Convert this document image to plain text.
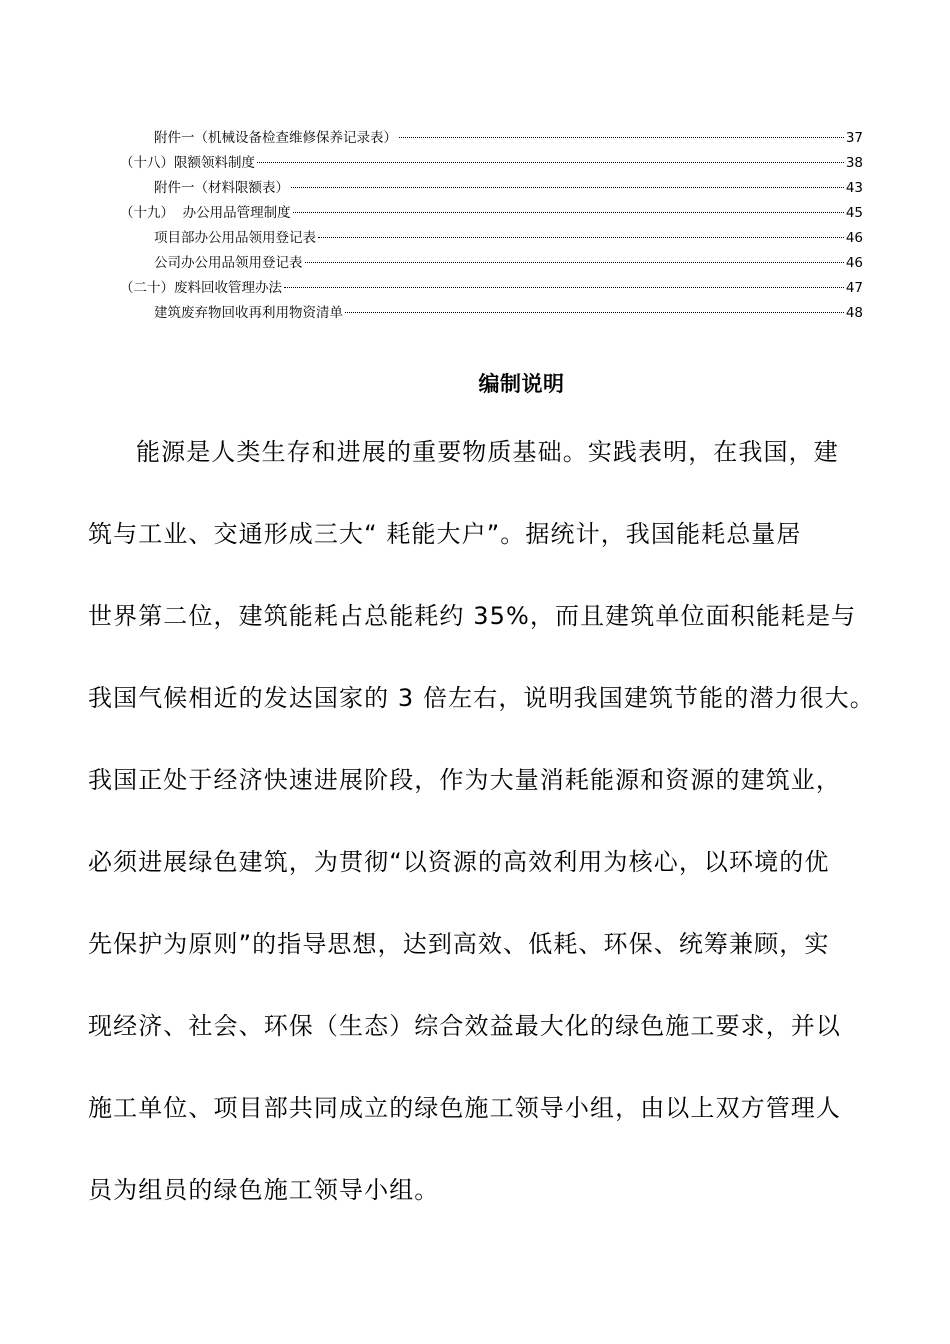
附件一（机械设备检查维修保养记录表）	37
（十八）限额领料制度	38
附件一（材料限额表）	43
（十九）  办公用品管理制度	45
项目部办公用品领用登记表	46
公司办公用品领用登记表	46
（二十）废料回收管理办法	47
建筑废弃物回收再利用物资清单	48
编制说明
能源是人类生存和进展的重要物质基础。实践表明，在我国，建
筑与工业、交通形成三大“ 耗能大户”。据统计，我国能耗总量居
世界第二位，建筑能耗占总能耗约 35%，而且建筑单位面积能耗是与
我国气候相近的发达国家的 3 倍左右，说明我国建筑节能的潜力很大。
我国正处于经济快速进展阶段，作为大量消耗能源和资源的建筑业，
必须进展绿色建筑，为贯彻“以资源的高效利用为核心，以环境的优
先保护为原则”的指导思想，达到高效、低耗、环保、统筹兼顾，实
现经济、社会、环保（生态）综合效益最大化的绿色施工要求，并以
施工单位、项目部共同成立的绿色施工领导小组，由以上双方管理人
员为组员的绿色施工领导小组。
